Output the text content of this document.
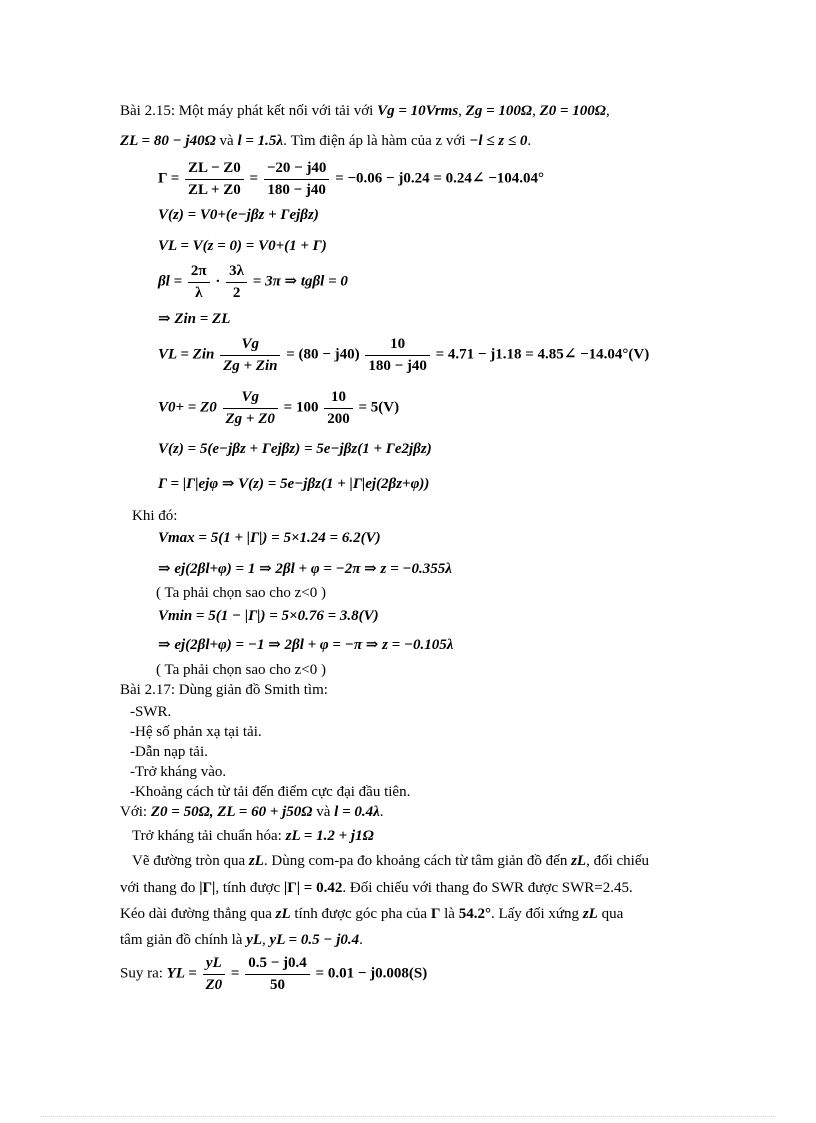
Bài 2.15: Một máy phát kết nối với tải với Vg = 10Vrms, Zg = 100Ω, Z0 = 100Ω,
ZL = 80 − j40Ω và l = 1.5λ. Tìm điện áp là hàm của z với −l ≤ z ≤ 0.
$\Gamma = \frac{ZL - Z0}{ZL + Z0} = \frac{-20 - j40}{180 - j40} = -0.06 - j0.24$ = 0.24∠ −104.04°
V(z) = V0+(e−jβz + Γejβz)
VL = V(z = 0) = V0+(1 + Γ)
$\beta l = \frac{2\pi}{\lambda} \cdot \frac{3\lambda}{2} = 3\pi$ ⇒ tgβl = 0
⇒ Zin = ZL
VL = Zin $\frac{Vg}{\text{Zg + Zin}} = (80 - j40) \frac{10}{180 - j40} = 4.71 - j1.18$ = 4.85∠ −14.04°(V)
$V0+ = Z0 \frac{Vg}{Zg + Z0} = 100 \frac{10}{200} = 5(V)$
V(z) = 5(e−jβz + Γejβz) = 5e−jβz(1 + Γe2jβz)
Γ = |Γ|ejφ ⇒ V(z) = 5e−jβz(1 + |Γ|ej(2βz+φ))
Khi đó:
Vmax = 5(1 + |Γ|) = 5×1.24 = 6.2(V)
⇒ ej(2βl+φ) = 1 ⇒ 2βl + φ = −2π ⇒ z = −0.355λ
( Ta phải chọn sao cho z<0 )
Vmin = 5(1 − |Γ|) = 5×0.76 = 3.8(V)
⇒ ej(2βl+φ) = −1 ⇒ 2βl + φ = −π ⇒ z = −0.105λ
( Ta phải chọn sao cho z<0 )
Bài 2.17: Dùng giản đồ Smith tìm:
-SWR.
-Hệ số phản xạ tại tải.
-Dẫn nạp tải.
-Trở kháng vào.
-Khoảng cách từ tải đến điểm cực đại đầu tiên.
Với: Z0 = 50Ω, ZL = 60 + j50Ω và l = 0.4λ.
Trở kháng tải chuẩn hóa: zL = 1.2 + j1Ω
Vẽ đường tròn qua zL. Dùng com-pa đo khoảng cách từ tâm giản đồ đến zL, đối chiếu
với thang đo |Γ|, tính được |Γ| = 0.42. Đối chiếu với thang đo SWR được SWR=2.45.
Kéo dài đường thẳng qua zL tính được góc pha của Γ là 54.2°. Lấy đối xứng zL qua
tâm giản đồ chính là yL, yL = 0.5 − j0.4.
Suy ra: YL = $\frac{yL}{Z0} = \frac{0.5 - j0.4}{50} = 0.01 - j0.008(S)$
